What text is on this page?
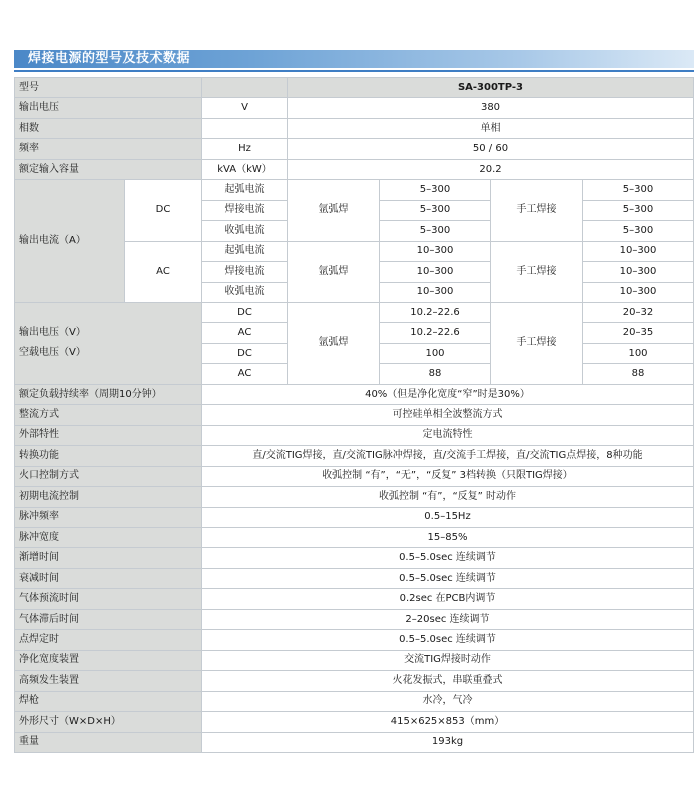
焊接电源的型号及技术数据
型号			SA-300TP-3			
输出电压		V	380			
相数			单相			
频率		Hz	50 / 60			
额定输入容量		kVA（kW）	20.2			
输出电流（A）	DC	起弧电流	氩弧焊	5–300	手工焊接	5–300
		焊接电流		5–300		5–300
		收弧电流		5–300		5–300
	AC	起弧电流	氩弧焊	10–300	手工焊接	10–300
		焊接电流		10–300		10–300
		收弧电流		10–300		10–300

输出电压（V）
空载电压（V）		DC	氩弧焊	10.2–22.6	手工焊接	20–32
		AC		10.2–22.6		20–35
		DC		100		100
		AC		88		88
额定负载持续率（周期10分钟）		40%（但是净化宽度“窄”时是30%）				
整流方式		可控硅单相全波整流方式				
外部特性		定电流特性				
转换功能		直/交流TIG焊接，直/交流TIG脉冲焊接，直/交流手工焊接，直/交流TIG点焊接，8种功能				
火口控制方式		收弧控制 “有”，“无”，“反复” 3档转换（只限TIG焊接）				
初期电流控制		收弧控制 “有”，“反复” 时动作				
脉冲频率		0.5–15Hz				
脉冲宽度		15–85%				
渐增时间		0.5–5.0sec 连续调节				
衰减时间		0.5–5.0sec 连续调节				
气体预流时间		0.2sec 在PCB内调节				
气体滞后时间		2–20sec 连续调节				
点焊定时		0.5–5.0sec 连续调节				
净化宽度装置		交流TIG焊接时动作				
高频发生装置		火花发振式，串联重叠式				
焊枪		水冷，气冷				
外形尺寸（W×D×H）		415×625×853（mm）				
重量		193kg				
